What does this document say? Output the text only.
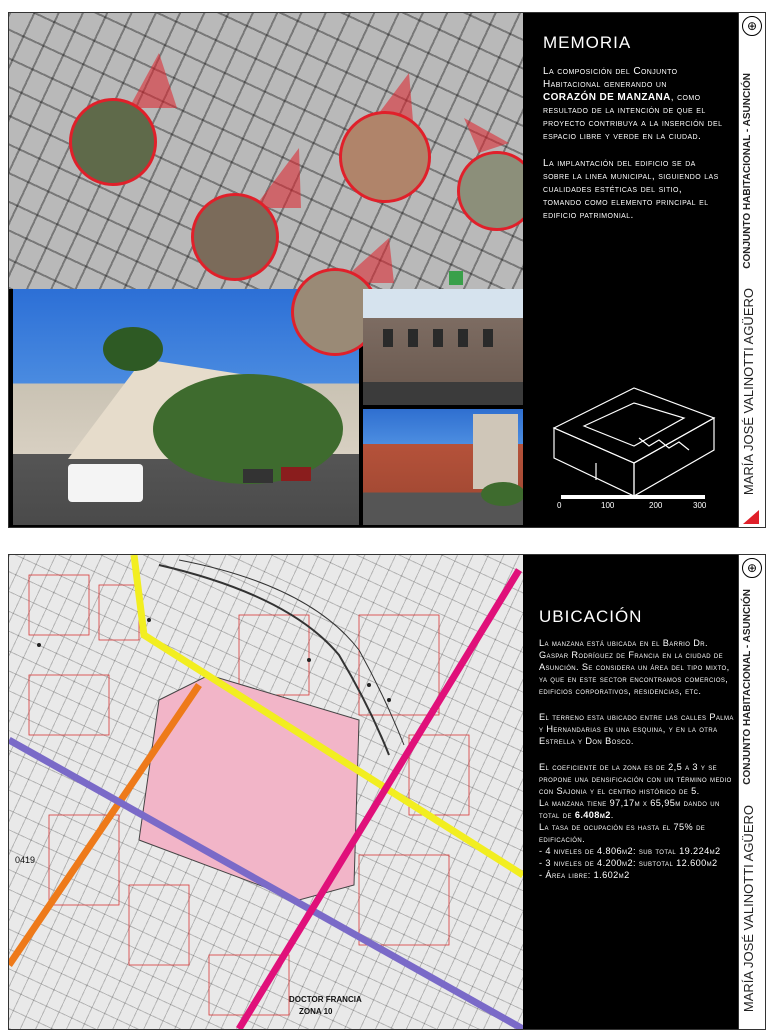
MEMORIA

La composición del Conjunto Habitacional generando un CORAZÓN DE MANZANA, como resultado de la intención de que el proyecto contribuya a la inserción del espacio libre y verde en la ciudad.

La implantación del edificio se da sobre la linea municipal, siguiendo las cualidades estéticas del sitio, tomando como elemento principal el edificio patrimonial.

0	100	200	300
⊕
CONJUNTO HABITACIONAL - ASUNCIÓN
MARÍA JOSÉ VALINOTTI AGÜERO
DOCTOR FRANCIA
ZONA 10
0419
UBICACIÓN

La manzana está ubicada en el Barrio Dr. Gaspar Rodríguez de Francia en la ciudad de Asunción. Se considera un área del tipo mixto, ya que en este sector encontramos comercios, edificios corporativos, residencias, etc.

El terreno esta ubicado entre las calles Palma y Hernandarias en una esquina, y en la otra Estrella y Don Bosco.

El coeficiente de la zona es de 2,5 a 3 y se propone una densificación con un término medio con Sajonia y el centro histórico de 5.

La manzana tiene 97,17m x 65,95m dando un total de 6.408m2.

La tasa de ocupación es hasta el 75% de edificación.

- 4 niveles de 4.806m2: sub total 19.224m2

- 3 niveles de 4.200m2: subtotal 12.600m2

- Área libre: 1.602m2

⊕
CONJUNTO HABITACIONAL - ASUNCIÓN
MARÍA JOSÉ VALINOTTI AGÜERO
